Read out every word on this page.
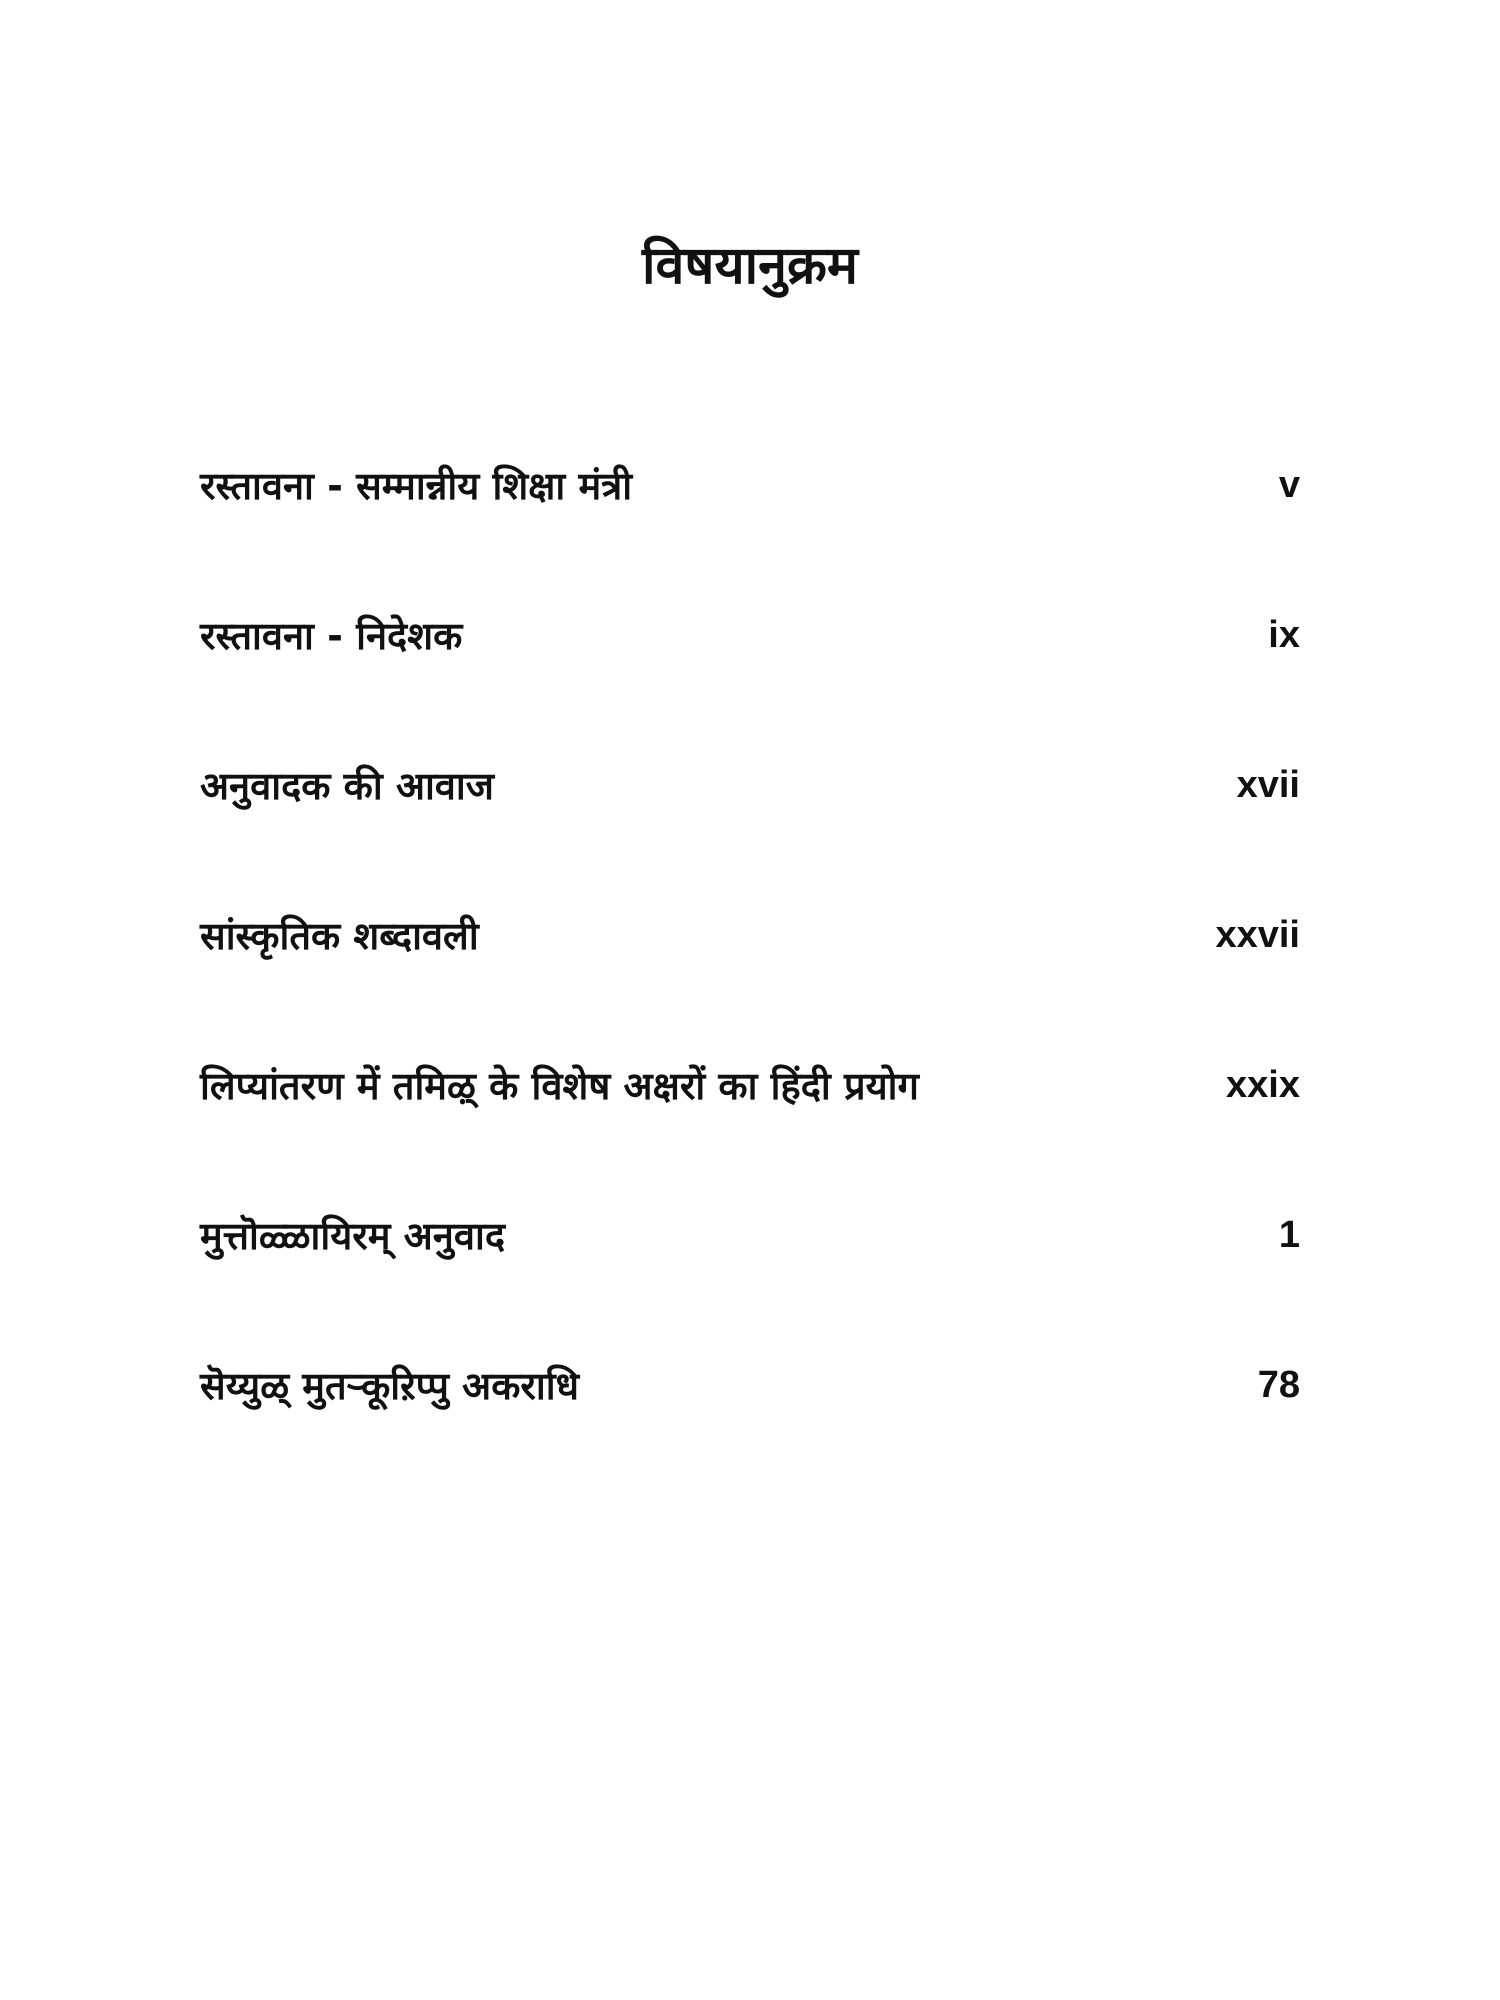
विषयानुक्रम
रस्तावना - सम्मान्नीय शिक्षा मंत्री	v
रस्तावना - निदेशक	ix
अनुवादक की आवाज	xvii
सांस्कृतिक शब्दावली	xxvii
लिप्यांतरण में तमिऴ् के विशेष अक्षरों का हिंदी प्रयोग	xxix
मुत्तॊळ्ळायिरम् अनुवाद	1
सॆय्युळ् मुतऱ्कूऱिप्पु अकराधि	78
